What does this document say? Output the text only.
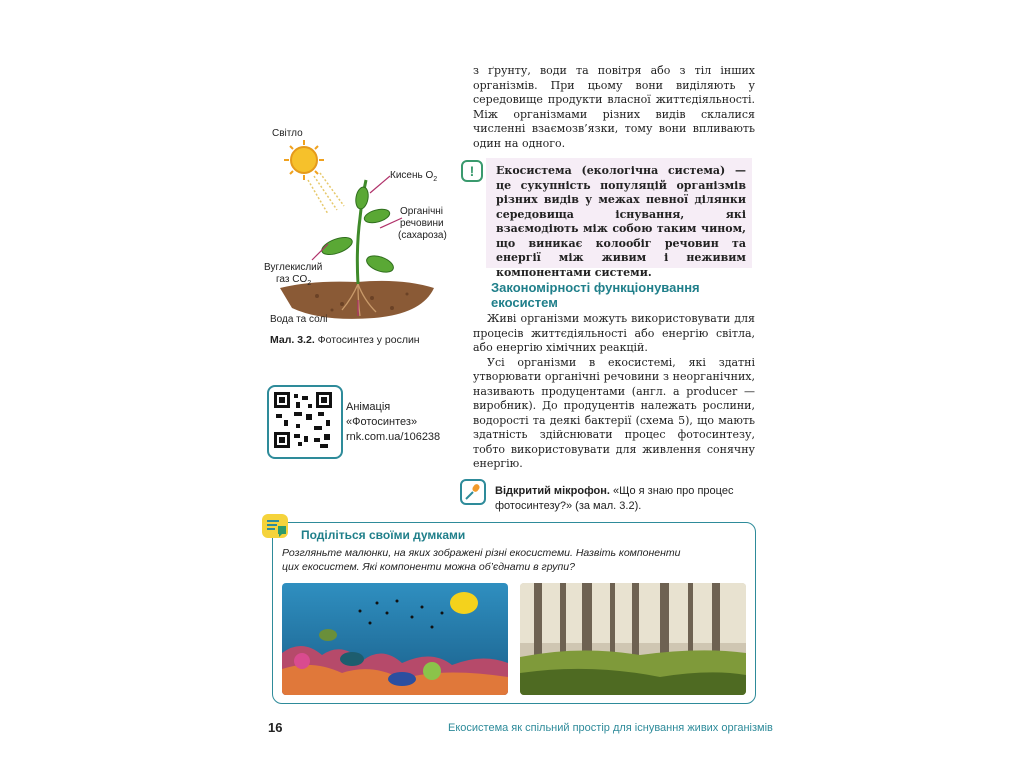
Світло
Кисень $O_2$
Органічні
речовини
(сахароза)
Вуглекислий
газ $CO_2$
Вода та солі
Мал. 3.2. Фотосинтез у рослин
Анімація
«Фотосинтез»
rnk.com.ua/106238

з ґрунту, води та повітря або з тіл інших організмів. При цьому вони виділяють у середовище продукти власної життєдіяльності. Між організмами різних видів склалися численні взаємозв’язки, тому вони впливають один на одного.

!	Екосистема (екологічна система) — це сукупність популяцій організмів різних видів у межах певної ділянки середовища існування, які взаємодіють між собою таким чином, що виникає колообіг речовин та енергії між живим і неживим компонентами системи.
Закономірності функціонування
екосистем

Живі організми можуть використовувати для процесів життєдіяльності або енергію світла, або енергію хімічних реакцій.

Усі організми в екосистемі, які здатні утворювати органічні речовини з неорганічних, називають продуцентами (англ. a producer — виробник). До продуцентів належать рослини, водорості та деякі бактерії (схема 5), що мають здатність здійснювати процес фотосинтезу, тобто використовувати для живлення сонячну енергію.

Відкритий мікрофон. «Що я знаю про процес фотосинтезу?» (за мал. 3.2).
Поділіться своїми думками
Розгляньте малюнки, на яких зображені різні екосистеми. Назвіть компоненти
цих екосистем. Які компоненти можна об’єднати в групи?
16	Екосистема як спільний простір для існування живих організмів
